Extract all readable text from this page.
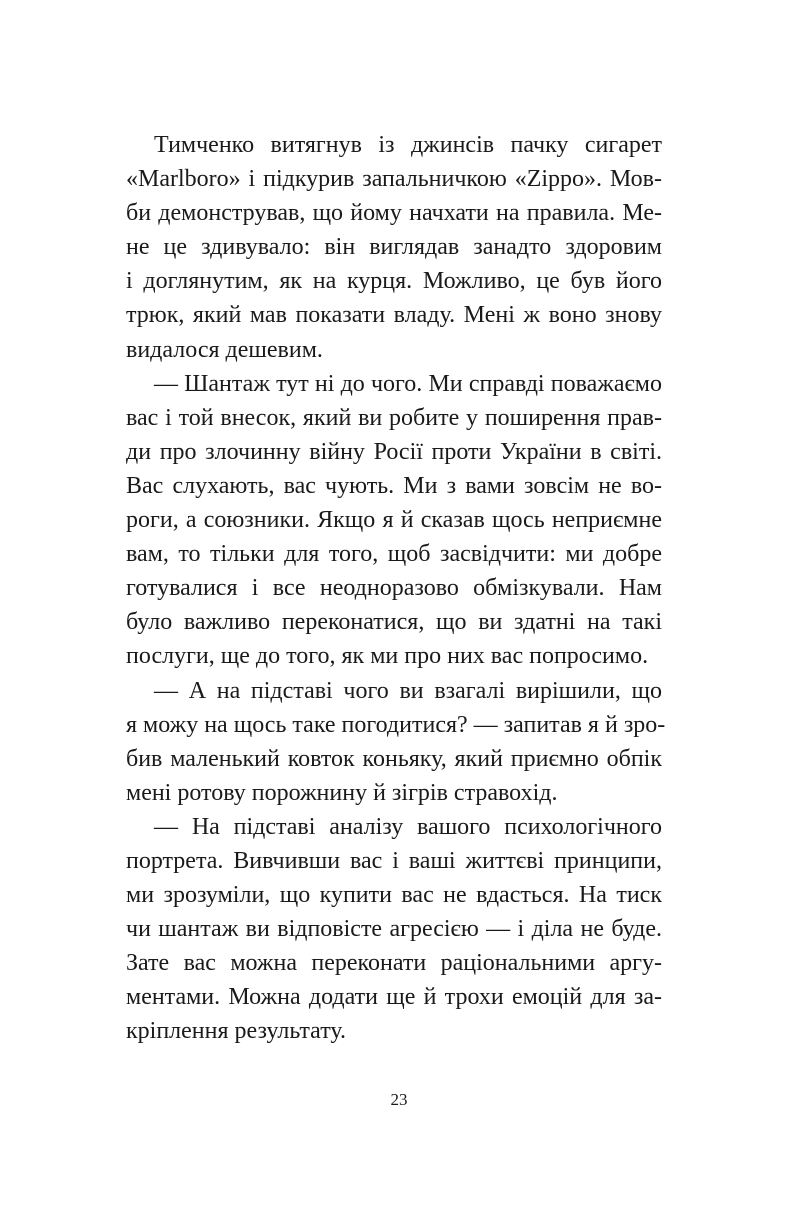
Тимченко витягнув із джинсів пачку сигарет
«Marlboro» і підкурив запальничкою «Zippo». Мов-
би демонстрував, що йому начхати на правила. Ме-
не це здивувало: він виглядав занадто здоровим
і доглянутим, як на курця. Можливо, це був його
трюк, який мав показати владу. Мені ж воно знову
видалося дешевим.

— Шантаж тут ні до чого. Ми справді поважаємо
вас і той внесок, який ви робите у поширення прав-
ди про злочинну війну Росії проти України в світі.
Вас слухають, вас чують. Ми з вами зовсім не во-
роги, а союзники. Якщо я й сказав щось неприємне
вам, то тільки для того, щоб засвідчити: ми добре
готувалися і все неодноразово обмізкували. Нам
було важливо переконатися, що ви здатні на такі
послуги, ще до того, як ми про них вас попросимо.

— А на підставі чого ви взагалі вирішили, що
я можу на щось таке погодитися? — запитав я й зро-
бив маленький ковток коньяку, який приємно обпік
мені ротову порожнину й зігрів стравохід.

— На підставі аналізу вашого психологічного
портрета. Вивчивши вас і ваші життєві принципи,
ми зрозуміли, що купити вас не вдасться. На тиск
чи шантаж ви відповісте агресією — і діла не буде.
Зате вас можна переконати раціональними аргу-
ментами. Можна додати ще й трохи емоцій для за-
кріплення результату.

23
